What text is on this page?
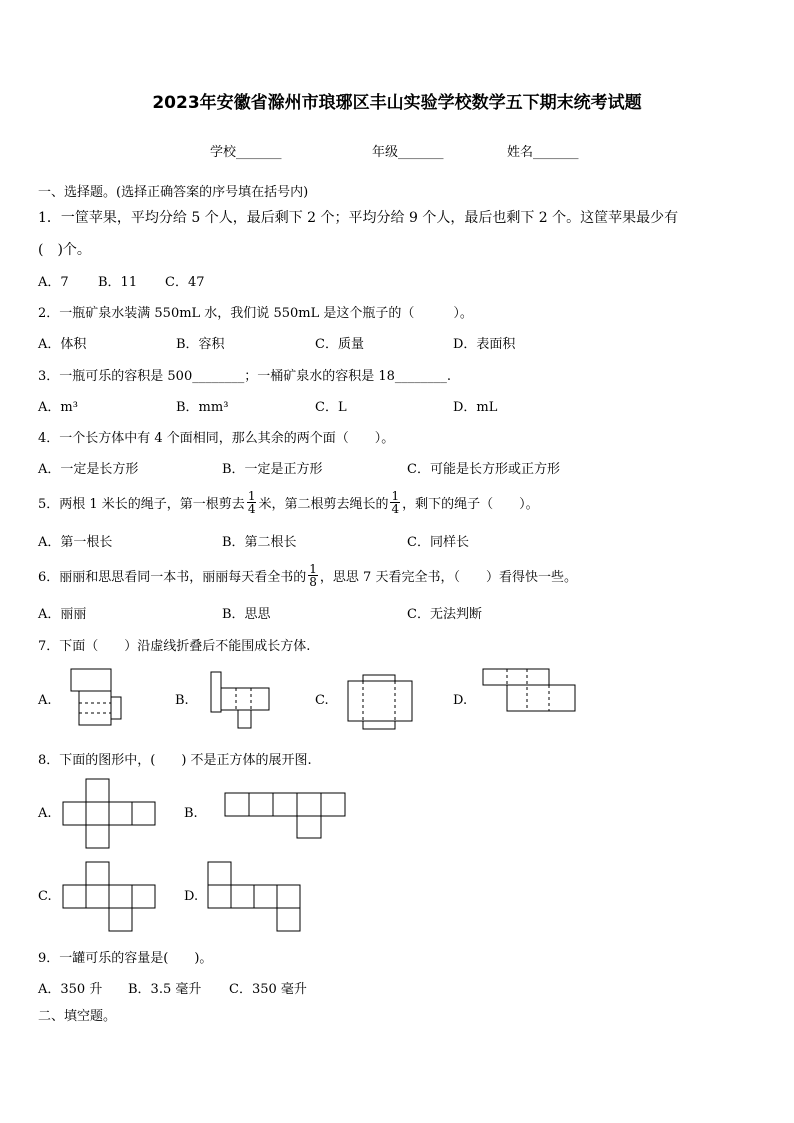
2023年安徽省滁州市琅琊区丰山实验学校数学五下期末统考试题
学校_______	年级_______	姓名_______
一、选择题。(选择正确答案的序号填在括号内)
1．一筐苹果，平均分给 5 个人，最后剩下 2 个；平均分给 9 个人，最后也剩下 2 个。这筐苹果最少有
(　)个。
A．7 B．11 C．47
2．一瓶矿泉水装满 550mL 水，我们说 550mL 是这个瓶子的（　　　）。
A．体积	B．容积	C．质量	D．表面积
3．一瓶可乐的容积是 500________；一桶矿泉水的容积是 18________.
A．m³	B．mm³	C．L	D．mL
4．一个长方体中有 4 个面相同，那么其余的两个面（　　）。
A．一定是长方形	B．一定是正方形	C．可能是长方形或正方形
5．两根 1 米长的绳子，第一根剪去 $\frac{1}{4}$ 米，第二根剪去绳长的 $\frac{1}{4}$ ，剩下的绳子（　　）。
A．第一根长	B．第二根长	C．同样长
6．丽丽和思思看同一本书，丽丽每天看全书的 $\frac{1}{8}$ ，思思 7 天看完全书，（　　）看得快一些。
A．丽丽	B．思思	C．无法判断
7．下面（　　）沿虚线折叠后不能围成长方体.
A.	B.	C.	D.
8．下面的图形中，(　　) 不是正方体的展开图.
A.	B.
C.	D.
9．一罐可乐的容量是(　　)。
A．350 升 B．3.5 毫升 C．350 毫升
二、填空题。
